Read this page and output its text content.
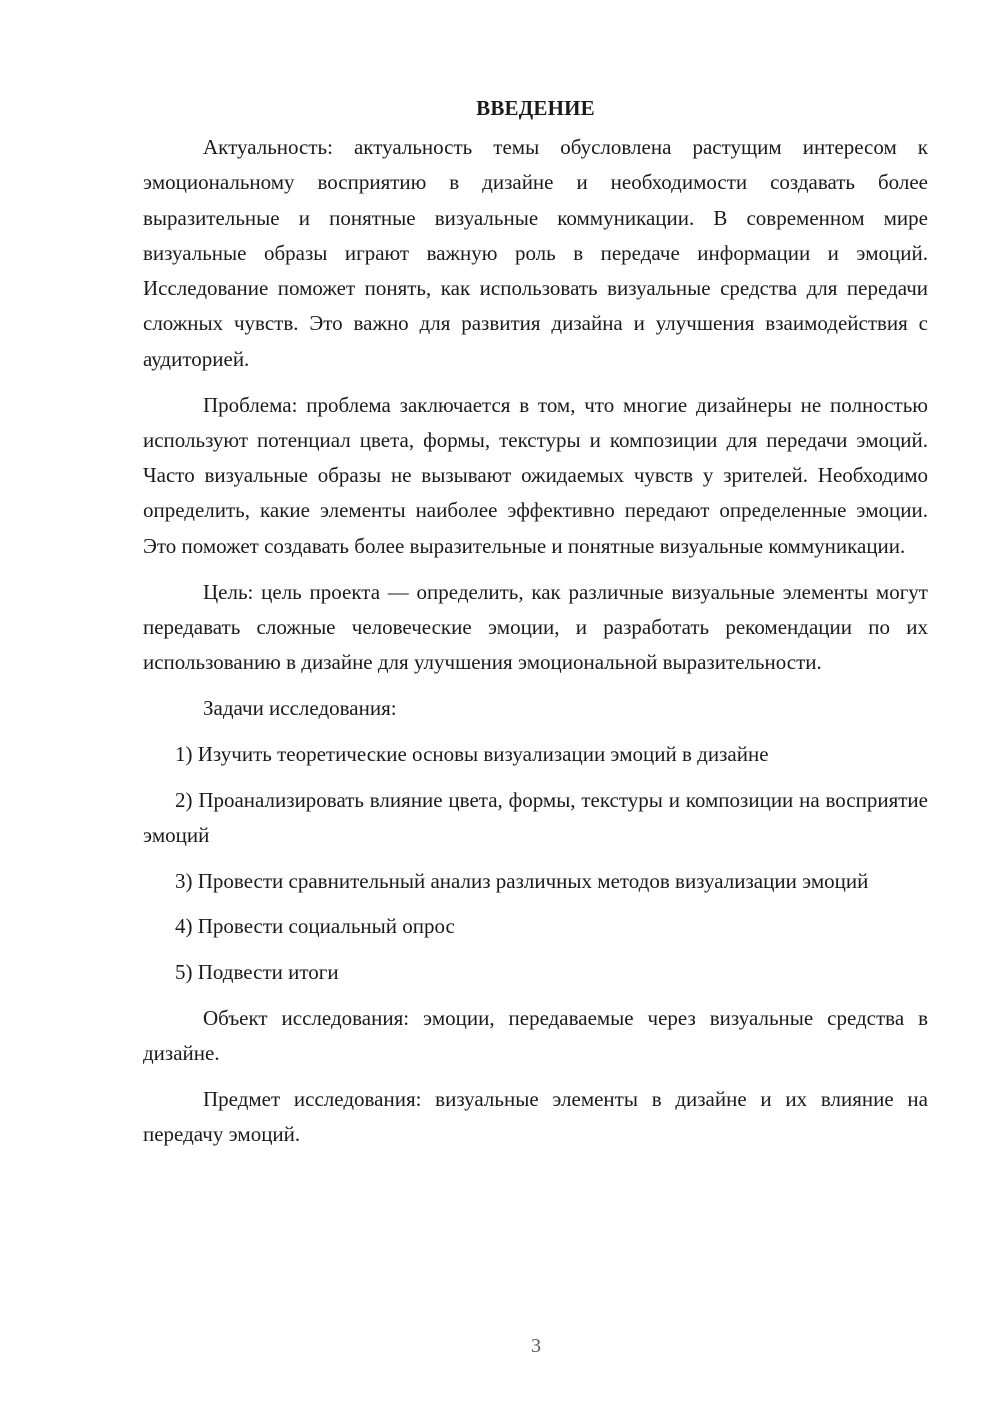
ВВЕДЕНИЕ

Актуальность: актуальность темы обусловлена растущим интересом к эмоциональному восприятию в дизайне и необходимости создавать более выразительные и понятные визуальные коммуникации. В современном мире визуальные образы играют важную роль в передаче информации и эмоций. Исследование поможет понять, как использовать визуальные средства для передачи сложных чувств. Это важно для развития дизайна и улучшения взаимодействия с аудиторией.

Проблема: проблема заключается в том, что многие дизайнеры не полностью используют потенциал цвета, формы, текстуры и композиции для передачи эмоций. Часто визуальные образы не вызывают ожидаемых чувств у зрителей. Необходимо определить, какие элементы наиболее эффективно передают определенные эмоции. Это поможет создавать более выразительные и понятные визуальные коммуникации.

Цель: цель проекта — определить, как различные визуальные элементы могут передавать сложные человеческие эмоции, и разработать рекомендации по их использованию в дизайне для улучшения эмоциональной выразительности.

Задачи исследования:

1) Изучить теоретические основы визуализации эмоций в дизайне

2) Проанализировать влияние цвета, формы, текстуры и композиции на восприятие эмоций

3) Провести сравнительный анализ различных методов визуализации эмоций

4) Провести социальный опрос

5) Подвести итоги

Объект исследования: эмоции, передаваемые через визуальные средства в дизайне.

Предмет исследования: визуальные элементы в дизайне и их влияние на передачу эмоций.

3
